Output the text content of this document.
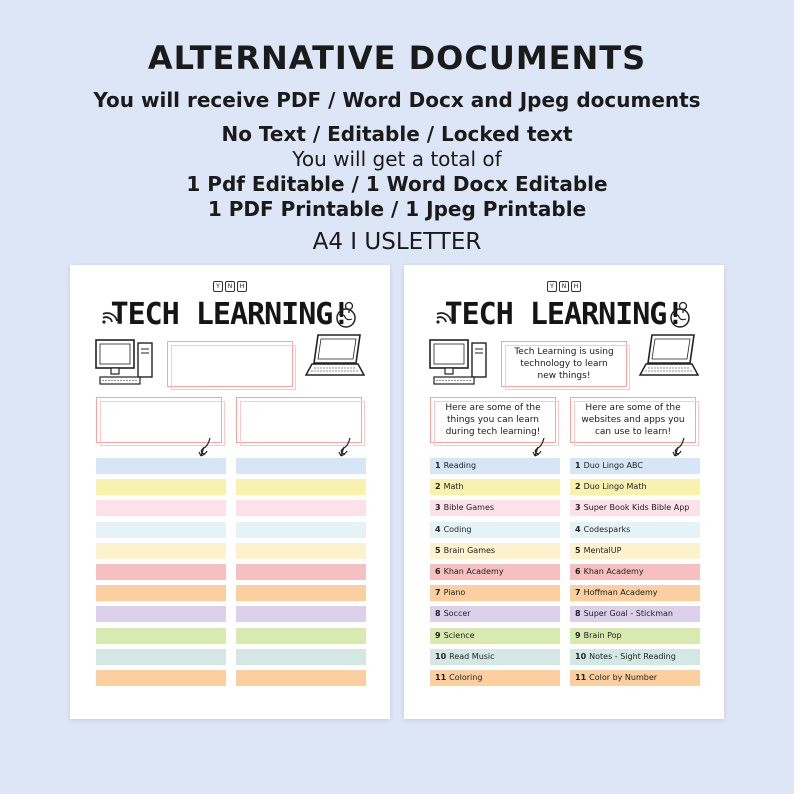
ALTERNATIVE DOCUMENTS
You will receive PDF / Word Docx and Jpeg documents
No Text / Editable / Locked text
You will get a total of
1 Pdf Editable / 1 Word Docx Editable
1 PDF Printable / 1 Jpeg Printable
A4 I USLETTER
Y	N	H
TECH LEARNING!
Y	N	H
TECH LEARNING!
Tech Learning is using technology to learn new things!
Here are some of the things you can learn during tech learning!
Here are some of the websites and apps you can use to learn!
1 Reading
2 Math
3 Bible Games
4 Coding
5 Brain Games
6 Khan Academy
7 Piano
8 Soccer
9 Science
10 Read Music
11 Coloring
1 Duo Lingo ABC
2 Duo Lingo Math
3 Super Book Kids Bible App
4 Codesparks
5 MentalUP
6 Khan Academy
7 Hoffman Academy
8 Super Goal - Stickman
9 Brain Pop
10 Notes - Sight Reading
11 Color by Number
